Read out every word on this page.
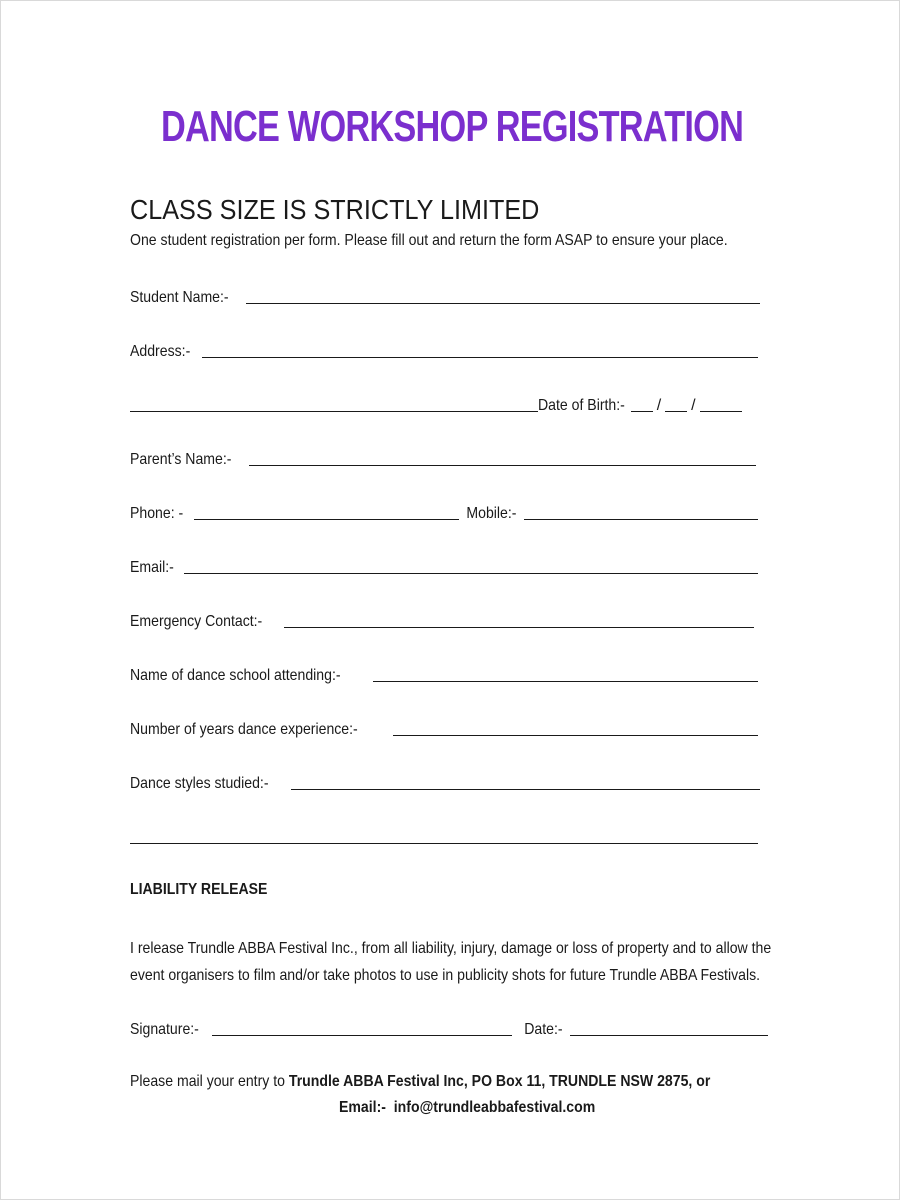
DANCE WORKSHOP REGISTRATION
CLASS SIZE IS STRICTLY LIMITED
One student registration per form. Please fill out and return the form ASAP to ensure your place.
Student Name:-
Address:-
Date of Birth:- / /
Parent’s Name:-
Phone: -	Mobile:-
Email:-
Emergency Contact:-
Name of dance school attending:-
Number of years dance experience:-
Dance styles studied:-
LIABILITY RELEASE

I release Trundle ABBA Festival Inc., from all liability, injury, damage or loss of property and to allow the

event organisers to film and/or take photos to use in publicity shots for future Trundle ABBA Festivals.

Signature:-	Date:-
Please mail your entry to Trundle ABBA Festival Inc, PO Box 11, TRUNDLE NSW 2875, or
Email:- info@trundleabbafestival.com
